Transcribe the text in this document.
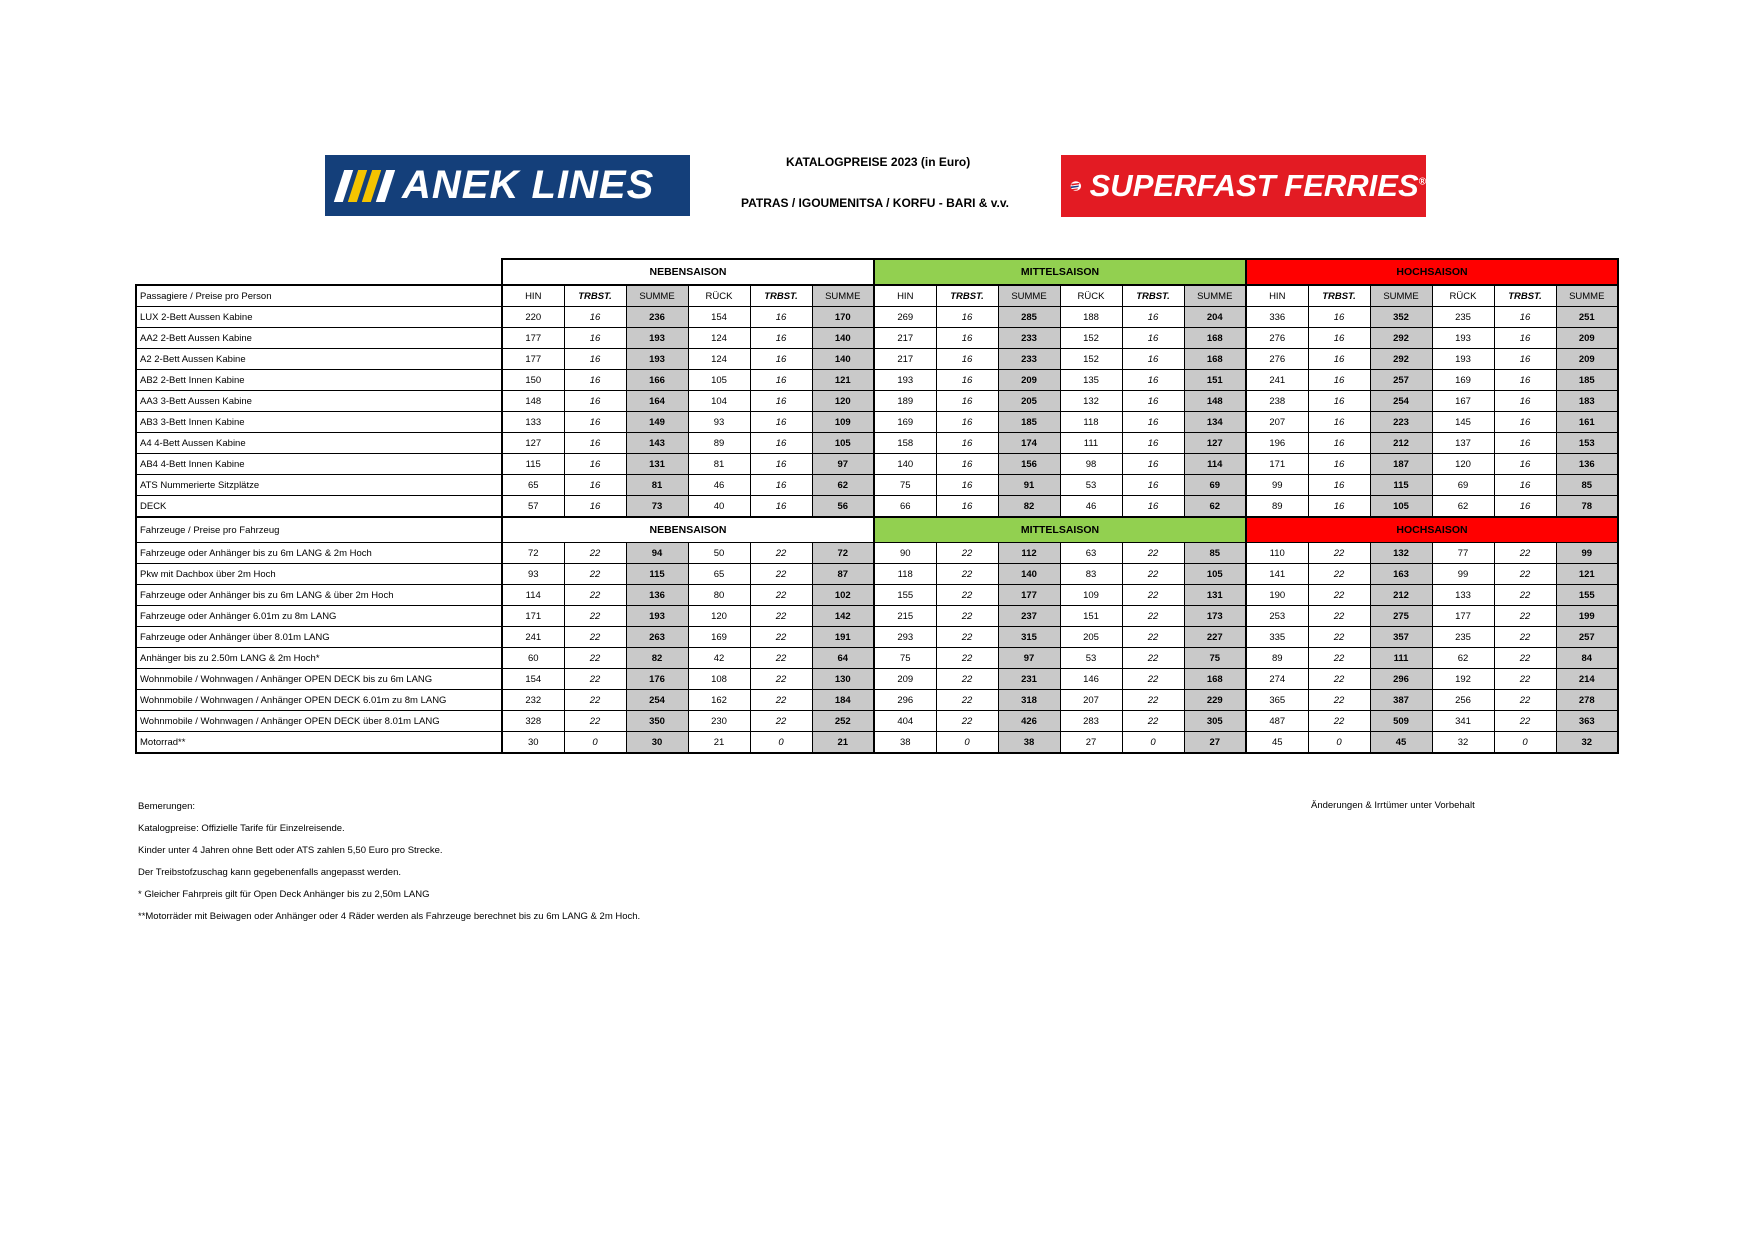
ANEK LINES
KATALOGPREISE 2023 (in Euro)
PATRAS / IGOUMENITSA / KORFU - BARI & v.v.	SUPERFAST FERRIES®
	NEBENSAISON						MITTELSAISON						HOCHSAISON					
Passagiere / Preise pro Person	HIN	TRBST.	SUMME	RÜCK	TRBST.	SUMME	HIN	TRBST.	SUMME	RÜCK	TRBST.	SUMME	HIN	TRBST.	SUMME	RÜCK	TRBST.	SUMME
LUX 2-Bett Aussen Kabine	220	16	236	154	16	170	269	16	285	188	16	204	336	16	352	235	16	251
AA2 2-Bett Aussen Kabine	177	16	193	124	16	140	217	16	233	152	16	168	276	16	292	193	16	209
A2 2-Bett Aussen Kabine	177	16	193	124	16	140	217	16	233	152	16	168	276	16	292	193	16	209
AB2 2-Bett Innen Kabine	150	16	166	105	16	121	193	16	209	135	16	151	241	16	257	169	16	185
AA3 3-Bett Aussen Kabine	148	16	164	104	16	120	189	16	205	132	16	148	238	16	254	167	16	183
AB3 3-Bett Innen Kabine	133	16	149	93	16	109	169	16	185	118	16	134	207	16	223	145	16	161
A4 4-Bett Aussen Kabine	127	16	143	89	16	105	158	16	174	111	16	127	196	16	212	137	16	153
AB4 4-Bett Innen Kabine	115	16	131	81	16	97	140	16	156	98	16	114	171	16	187	120	16	136
ATS Nummerierte Sitzplätze	65	16	81	46	16	62	75	16	91	53	16	69	99	16	115	69	16	85
DECK	57	16	73	40	16	56	66	16	82	46	16	62	89	16	105	62	16	78
Fahrzeuge / Preise pro Fahrzeug	NEBENSAISON						MITTELSAISON						HOCHSAISON					
Fahrzeuge oder Anhänger bis zu 6m LANG & 2m Hoch	72	22	94	50	22	72	90	22	112	63	22	85	110	22	132	77	22	99
Pkw mit Dachbox über 2m Hoch	93	22	115	65	22	87	118	22	140	83	22	105	141	22	163	99	22	121
Fahrzeuge oder Anhänger bis zu 6m LANG & über 2m Hoch	114	22	136	80	22	102	155	22	177	109	22	131	190	22	212	133	22	155
Fahrzeuge oder Anhänger 6.01m zu 8m LANG	171	22	193	120	22	142	215	22	237	151	22	173	253	22	275	177	22	199
Fahrzeuge oder Anhänger über 8.01m LANG	241	22	263	169	22	191	293	22	315	205	22	227	335	22	357	235	22	257
Anhänger bis zu 2.50m LANG & 2m Hoch*	60	22	82	42	22	64	75	22	97	53	22	75	89	22	111	62	22	84
Wohnmobile / Wohnwagen / Anhänger OPEN DECK bis zu 6m LANG	154	22	176	108	22	130	209	22	231	146	22	168	274	22	296	192	22	214
Wohnmobile / Wohnwagen / Anhänger OPEN DECK 6.01m zu 8m LANG	232	22	254	162	22	184	296	22	318	207	22	229	365	22	387	256	22	278
Wohnmobile / Wohnwagen / Anhänger OPEN DECK über 8.01m LANG	328	22	350	230	22	252	404	22	426	283	22	305	487	22	509	341	22	363
Motorrad**	30	0	30	21	0	21	38	0	38	27	0	27	45	0	45	32	0	32
Bemerungen:
Katalogpreise: Offizielle Tarife für Einzelreisende.
Kinder unter 4 Jahren ohne Bett oder ATS zahlen 5,50 Euro pro Strecke.
Der Treibstofzuschag kann gegebenenfalls angepasst werden.
* Gleicher Fahrpreis gilt für Open Deck Anhänger bis zu 2,50m LANG
**Motorräder mit Beiwagen oder Anhänger oder 4 Räder werden als Fahrzeuge berechnet bis zu 6m LANG & 2m Hoch.
Änderungen & Irrtümer unter Vorbehalt
